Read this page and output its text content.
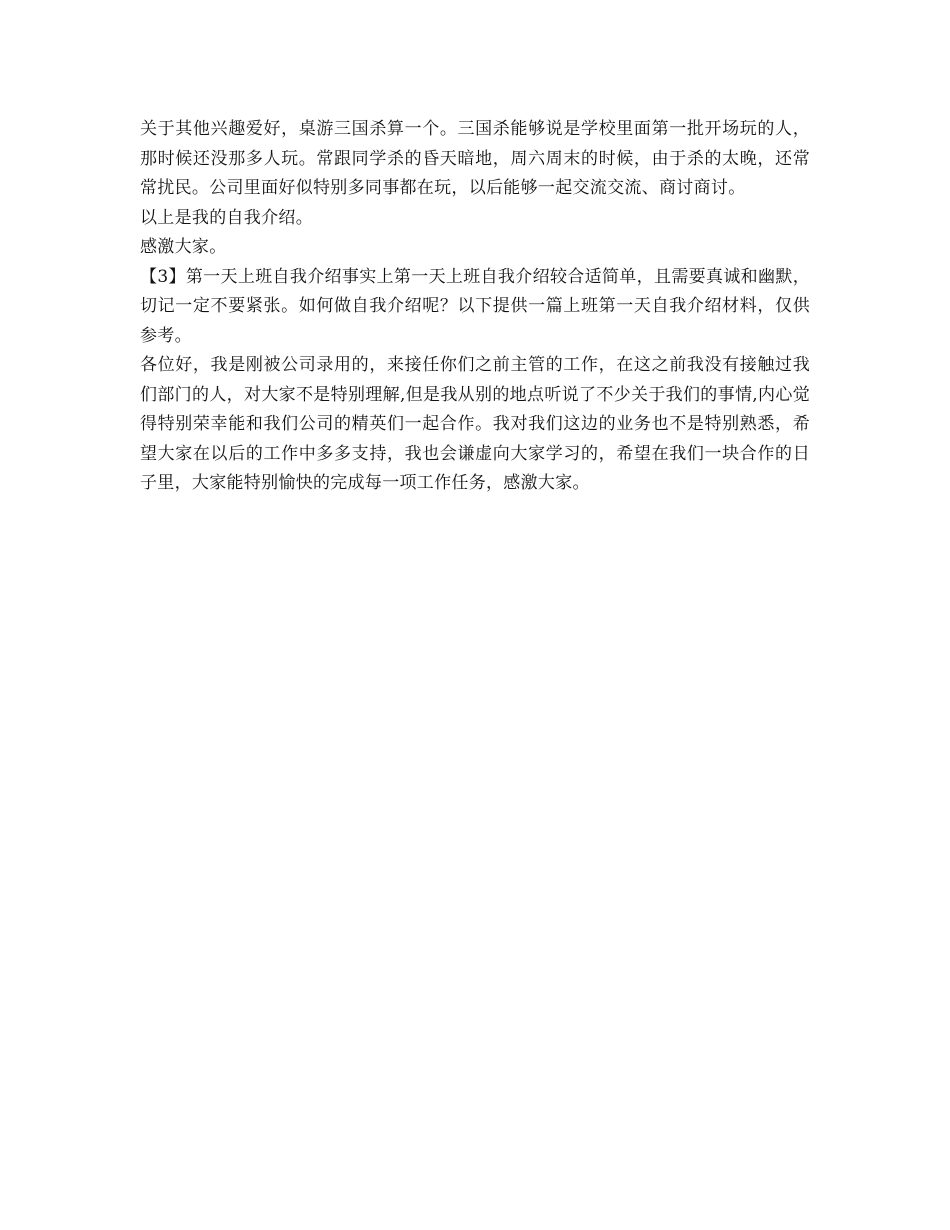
关于其他兴趣爱好，桌游三国杀算一个。三国杀能够说是学校里面第一批开场玩的人，那时候还没那多人玩。常跟同学杀的昏天暗地，周六周末的时候，由于杀的太晚，还常常扰民。公司里面好似特别多同事都在玩，以后能够一起交流交流、商讨商讨。

以上是我的自我介绍。

感激大家。

【3】第一天上班自我介绍事实上第一天上班自我介绍较合适简单，且需要真诚和幽默，切记一定不要紧张。如何做自我介绍呢？以下提供一篇上班第一天自我介绍材料，仅供参考。

各位好，我是刚被公司录用的，来接任你们之前主管的工作，在这之前我没有接触过我们部门的人，对大家不是特别理解,但是我从别的地点听说了不少关于我们的事情,内心觉得特别荣幸能和我们公司的精英们一起合作。我对我们这边的业务也不是特别熟悉，希望大家在以后的工作中多多支持，我也会谦虚向大家学习的，希望在我们一块合作的日子里，大家能特别愉快的完成每一项工作任务，感激大家。
